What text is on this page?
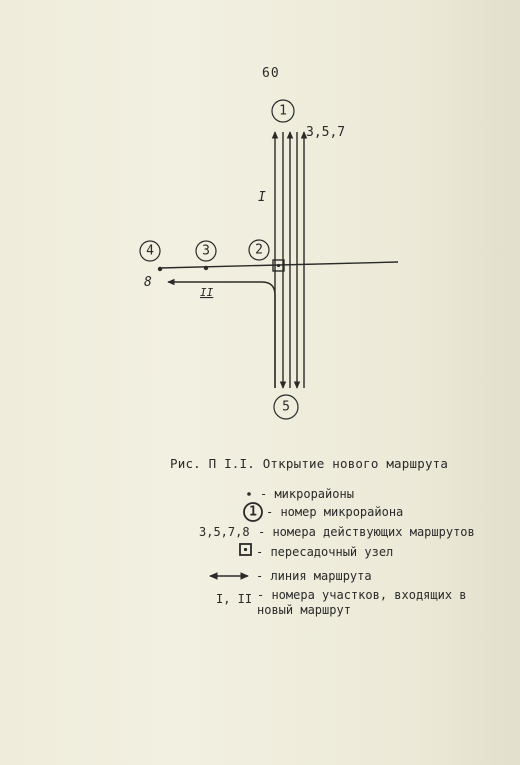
60
1
2
3
4
5
3,5,7
I
8
II
1
Рис. П I.I. Открытие нового маршрута
- микрорайоны
- номер микрорайона
3,5,7,8 - номера действующих маршрутов
- пересадочный узел
- линия маршрута
I, II - номера участков, входящих в
новый маршрут
